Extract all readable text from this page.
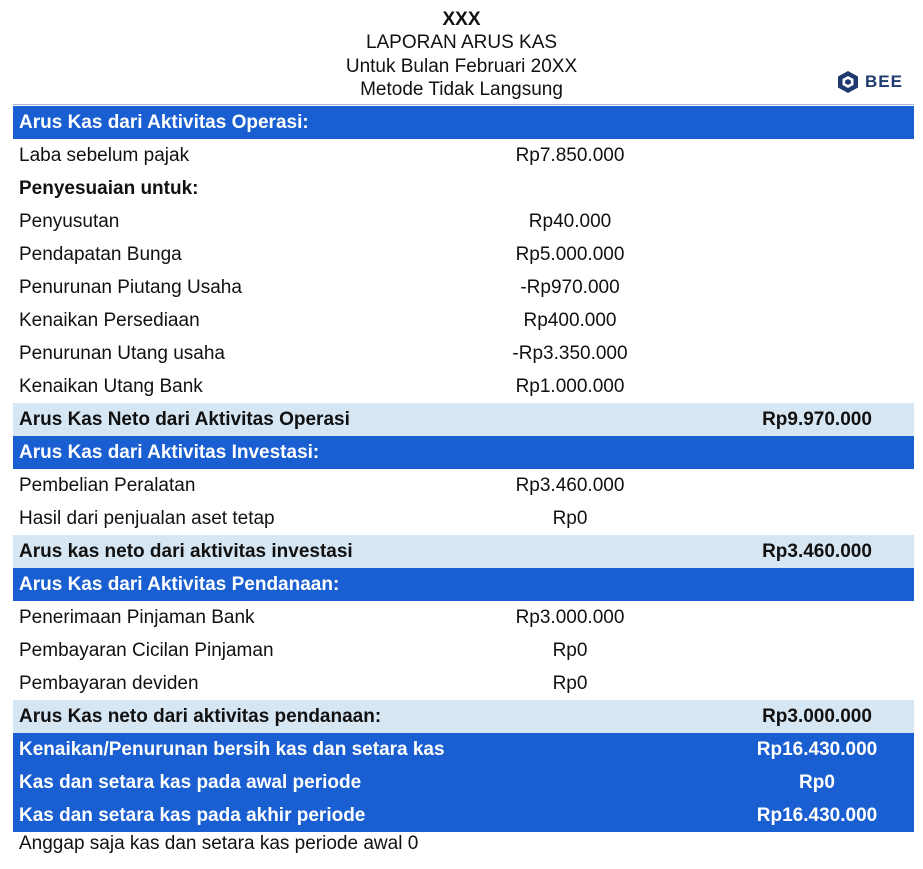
XXX
LAPORAN ARUS KAS
Untuk Bulan Februari 20XX
Metode Tidak Langsung	BEE
Arus Kas dari Aktivitas Operasi:
Laba sebelum pajak	Rp7.850.000
Penyesuaian untuk:
Penyusutan	Rp40.000
Pendapatan Bunga	Rp5.000.000
Penurunan Piutang Usaha	-Rp970.000
Kenaikan Persediaan	Rp400.000
Penurunan Utang usaha	-Rp3.350.000
Kenaikan Utang Bank	Rp1.000.000
Arus Kas Neto dari Aktivitas Operasi	Rp9.970.000
Arus Kas dari Aktivitas Investasi:
Pembelian Peralatan	Rp3.460.000
Hasil dari penjualan aset tetap	Rp0
Arus kas neto dari aktivitas investasi	Rp3.460.000
Arus Kas dari Aktivitas Pendanaan:
Penerimaan Pinjaman Bank	Rp3.000.000
Pembayaran Cicilan Pinjaman	Rp0
Pembayaran deviden	Rp0
Arus Kas neto dari aktivitas pendanaan:	Rp3.000.000
Kenaikan/Penurunan bersih kas dan setara kas	Rp16.430.000
Kas dan setara kas pada awal periode	Rp0
Kas dan setara kas pada akhir periode	Rp16.430.000
Anggap saja kas dan setara kas periode awal 0
